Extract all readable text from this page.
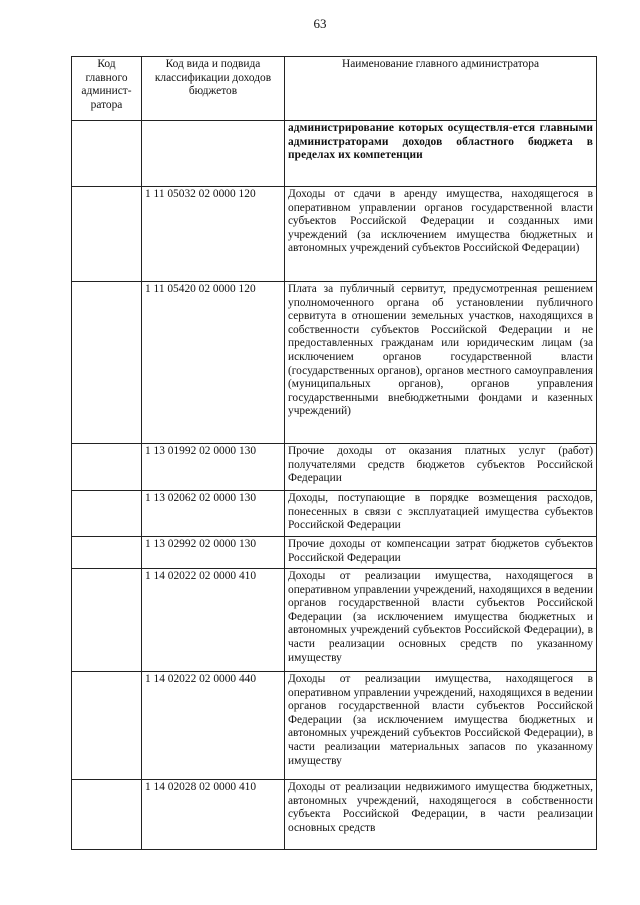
63
Код главного админист-ратора	Код вида и подвида классификации доходов бюджетов	Наименование главного администратора
		администрирование которых осуществля-ется главными администраторами доходов областного бюджета в пределах их компетенции
	1 11 05032 02 0000 120	Доходы от сдачи в аренду имущества, находящегося в оперативном управлении органов государственной власти субъектов Российской Федерации и созданных ими учреждений (за исключением имущества бюджетных и автономных учреждений субъектов Российской Федерации)
	1 11 05420 02 0000 120	Плата за публичный сервитут, предусмотренная решением уполномоченного органа об установлении публичного сервитута в отношении земельных участков, находящихся в собственности субъектов Российской Федерации и не предоставленных гражданам или юридическим лицам (за исключением органов государственной власти (государственных органов), органов местного самоуправления (муниципальных органов), органов управления государственными внебюджетными фондами и казенных учреждений)
	1 13 01992 02 0000 130	Прочие доходы от оказания платных услуг (работ) получателями средств бюджетов субъектов Российской Федерации
	1 13 02062 02 0000 130	Доходы, поступающие в порядке возмещения расходов, понесенных в связи с эксплуатацией имущества субъектов Российской Федерации
	1 13 02992 02 0000 130	Прочие доходы от компенсации затрат бюджетов субъектов Российской Федерации
	1 14 02022 02 0000 410	Доходы от реализации имущества, находящегося в оперативном управлении учреждений, находящихся в ведении органов государственной власти субъектов Российской Федерации (за исключением имущества бюджетных и автономных учреждений субъектов Российской Федерации), в части реализации основных средств по указанному имуществу
	1 14 02022 02 0000 440	Доходы от реализации имущества, находящегося в оперативном управлении учреждений, находящихся в ведении органов государственной власти субъектов Российской Федерации (за исключением имущества бюджетных и автономных учреждений субъектов Российской Федерации), в части реализации материальных запасов по указанному имуществу
	1 14 02028 02 0000 410	Доходы от реализации недвижимого имущества бюджетных, автономных учреждений, находящегося в собственности субъекта Российской Федерации, в части реализации основных средств
